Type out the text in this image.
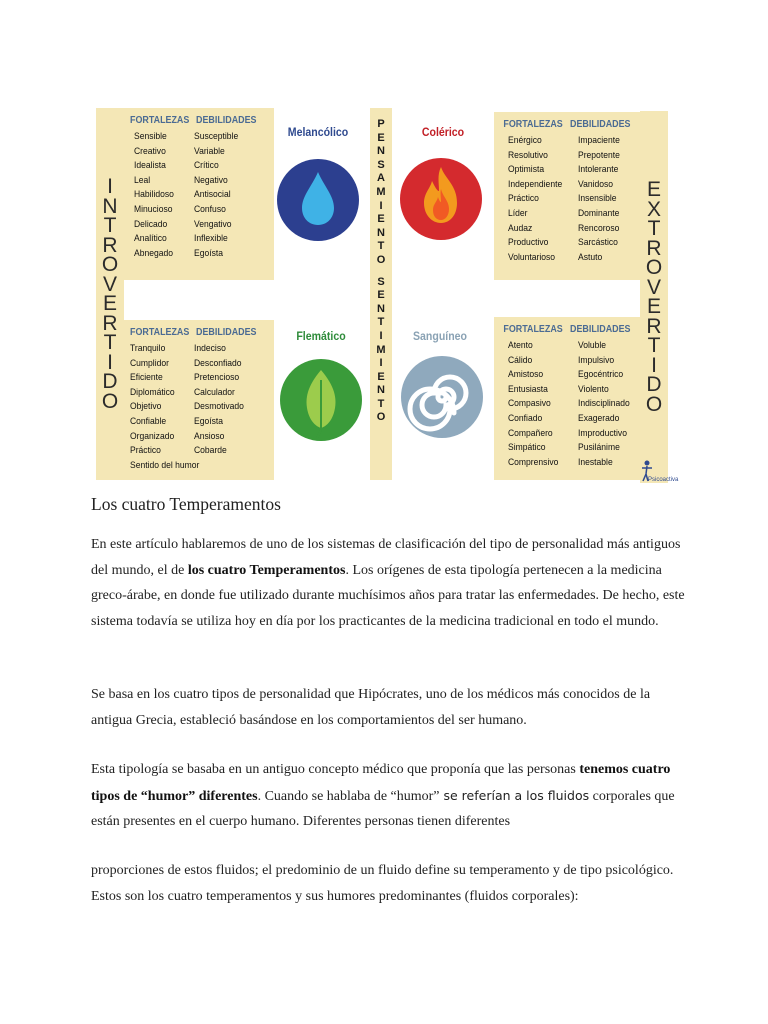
I
N
T
R
O
V
E
R
T
I
D
O
E
X
T
R
O
V
E
R
T
I
D
O
FORTALEZAS DEBILIDADES
Sensible
Creativo
Idealista
Leal
Habilidoso
Minucioso
Delicado
Analítico
Abnegado
Susceptible
Variable
Crítico
Negativo
Antisocial
Confuso
Vengativo
Inflexible
Egoísta
FORTALEZAS DEBILIDADES
Tranquilo
Cumplidor
Eficiente
Diplomático
Objetivo
Confiable
Organizado
Práctico
Sentido del humor
Indeciso
Desconfiado
Pretencioso
Calculador
Desmotivado
Egoísta
Ansioso
Cobarde
FORTALEZAS DEBILIDADES
Enérgico
Resolutivo
Optimista
Independiente
Práctico
Líder
Audaz
Productivo
Voluntarioso
Impaciente
Prepotente
Intolerante
Vanidoso
Insensible
Dominante
Rencoroso
Sarcástico
Astuto
FORTALEZAS DEBILIDADES
Atento
Cálido
Amistoso
Entusiasta
Compasivo
Confiado
Compañero
Simpático
Comprensivo
Voluble
Impulsivo
Egocéntrico
Violento
Indisciplinado
Exagerado
Improductivo
Pusilánime
Inestable
P
E
N
S
A
M
I
E
N
T
O
S
E
N
T
I
M
I
E
N
T
O
Melancólico	Colérico
Flemático	Sanguíneo
Psicoactiva
Los cuatro Temperamentos
En este artículo hablaremos de uno de los sistemas de clasificación del tipo de personalidad más antiguos del mundo, el de los cuatro Temperamentos. Los orígenes de esta tipología pertenecen a la medicina greco-árabe, en donde fue utilizado durante muchísimos años para tratar las enfermedades. De hecho, este sistema todavía se utiliza hoy en día por los practicantes de la medicina tradicional en todo el mundo.
Se basa en los cuatro tipos de personalidad que Hipócrates, uno de los médicos más conocidos de la antigua Grecia, estableció basándose en los comportamientos del ser humano.
Esta tipología se basaba en un antiguo concepto médico que proponía que las personas tenemos cuatro tipos de “humor” diferentes. Cuando se hablaba de “humor” se referían a los fluidos corporales que están presentes en el cuerpo humano. Diferentes personas tienen diferentes
proporciones de estos fluidos; el predominio de un fluido define su temperamento y de tipo psicológico. Estos son los cuatro temperamentos y sus humores predominantes (fluidos corporales):
